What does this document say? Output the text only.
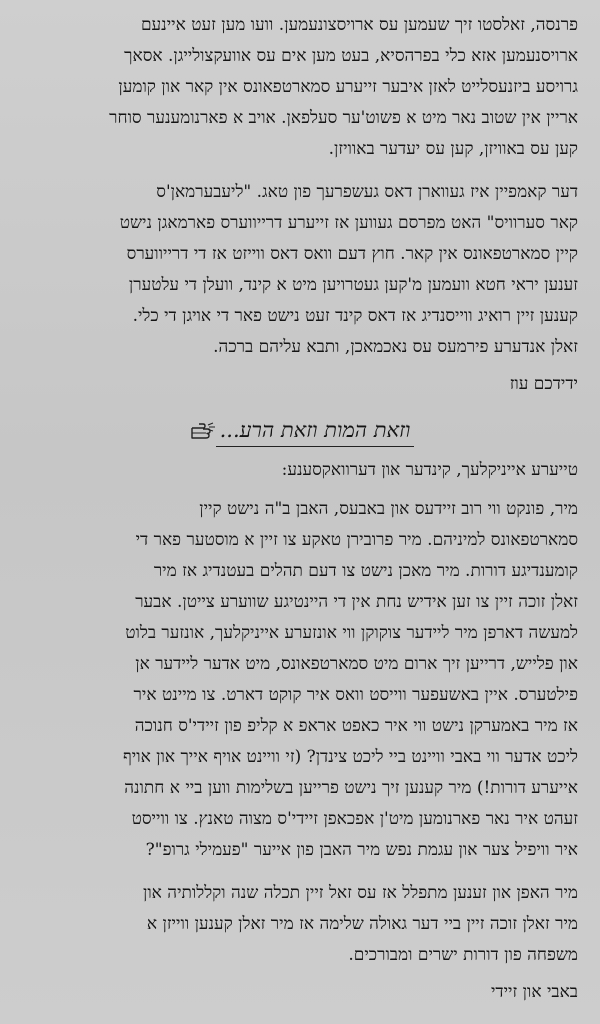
פרנסה, זאלסטו זיך שעמען עס ארויסצונעמען. וועו מען זעט איינעם
ארויסנעמען אזא כלי בפרהסיא, בעט מען אים עס אוועקצולייגן. אסאך
גרויסע ביזנעסלייט לאזן איבער זייערע סמארטפאונס אין קאר און קומען
אריין אין שטוב נאר מיט א פשוט'ער סעלפאן. אויב א פארנומענער סוחר
קען עס באוויזן, קען עס יעדער באוויזן.
דער קאמפיין איז געווארן דאס געשפרעך פון טאג. "ליעבערמאן'ס
קאר סערוויס" האט מפרסם געווען אז זייערע דרייווערס פארמאגן נישט
קיין סמארטפאונס אין קאר. חוץ דעם וואס דאס ווייזט אז די דרייווערס
זענען יראי חטא וועמען מ'קען געטרויען מיט א קינד, וועלן די עלטערן
קענען זיין רואיג ווייסנדיג אז דאס קינד זעט נישט פאר די אויגן די כלי.
זאלן אנדערע פירמעס עס נאכמאכן, ותבא עליהם ברכה.

ידידכם עוז

וזאת המות וזאת הרע...

טייערע אייניקלעך, קינדער און דערוואקסענע:

מיר, פונקט ווי רוב זיידעס און באבעס, האבן ב"ה נישט קיין
סמארטפאונס למיניהם. מיר פרובירן טאקע צו זיין א מוסטער פאר די
קומענדיגע דורות. מיר מאכן נישט צו דעם תהלים בעטנדיג אז מיר
זאלן זוכה זיין צו זען אידיש נחת אין די היינטיגע שווערע צייטן. אבער
למעשה דארפן מיר ליידער צוקוקן ווי אונזערע אייניקלעך, אונזער בלוט
און פלייש, דרייען זיך ארום מיט סמארטפאונס, מיט אדער ליידער אן
פילטערס. איין באשעפער ווייסט וואס איר קוקט דארט. צו מיינט איר
אז מיר באמערקן נישט ווי איר כאפט אראפ א קליפ פון זיידי'ס חנוכה
ליכט אדער ווי באבי וויינט ביי ליכט צינדן? (זי וויינט אויף אייך און אויף
אייערע דורות!) מיר קענען זיך נישט פרייען בשלימות ווען ביי א חתונה
זעהט איר נאר פארנומען מיט'ן אפכאפן זיידי'ס מצוה טאנץ. צו ווייסט
איר וויפיל צער און עגמת נפש מיר האבן פון אייער "פעמילי גרופ"?
מיר האפן און זענען מתפלל אז עס זאל זיין תכלה שנה וקללותיה און
מיר זאלן זוכה זיין ביי דער גאולה שלימה אז מיר זאלן קענען ווייזן א
משפחה פון דורות ישרים ומבורכים.

באבי און זיידי
